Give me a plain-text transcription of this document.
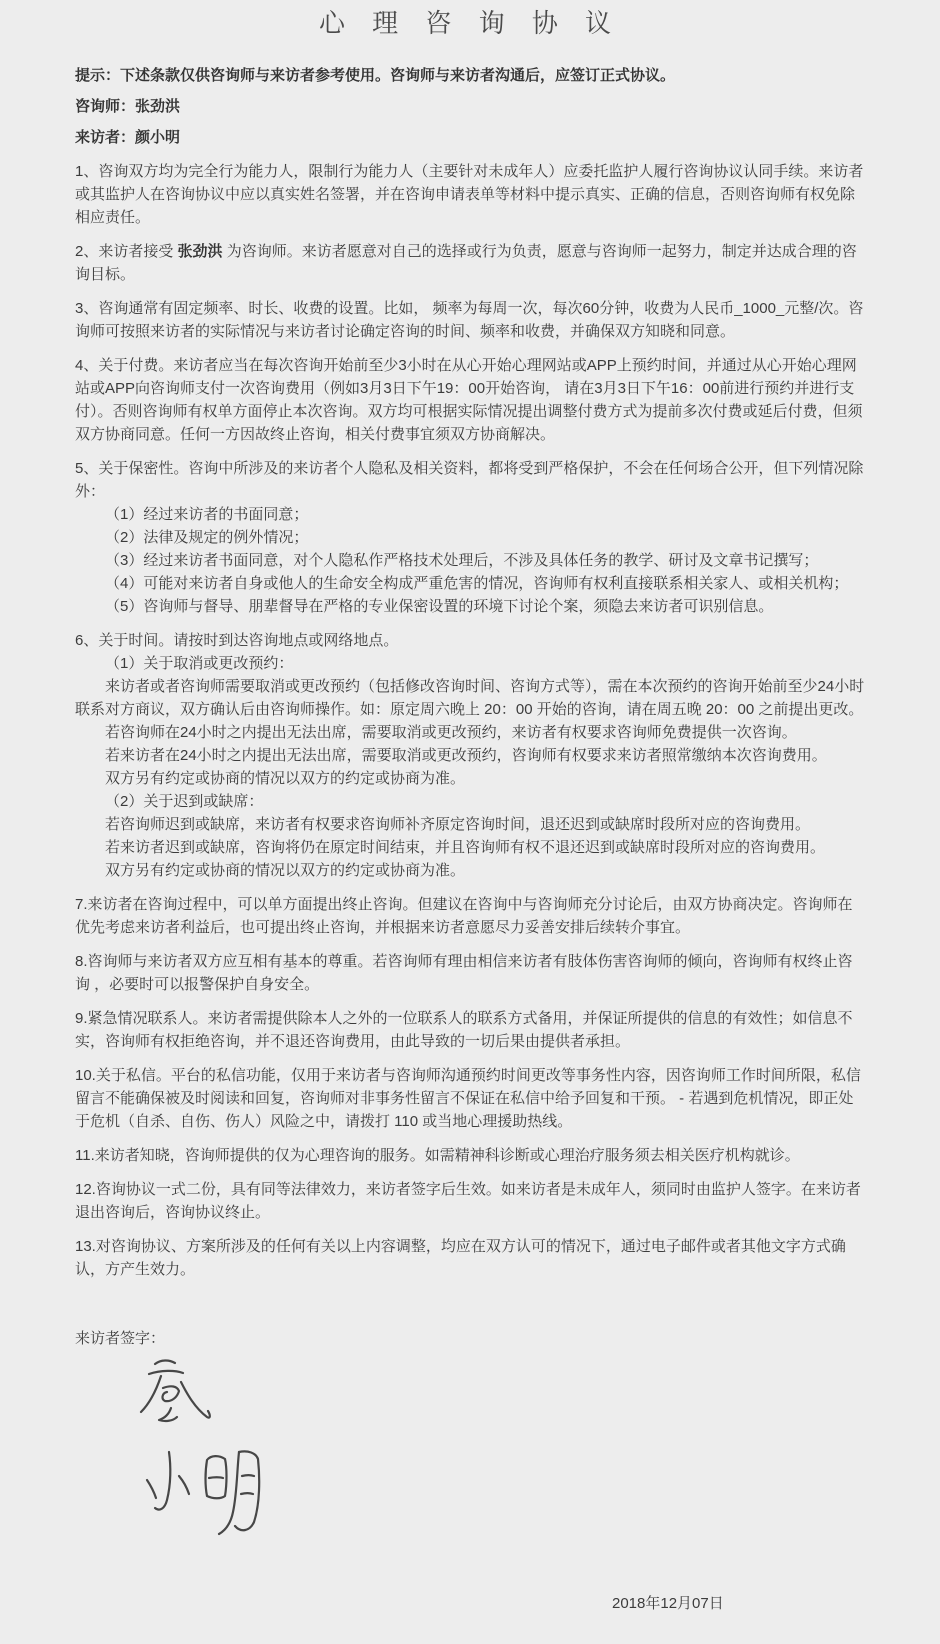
心 理 咨 询 协 议

提示：下述条款仅供咨询师与来访者参考使用。咨询师与来访者沟通后，应签订正式协议。

咨询师：张劲洪

来访者：颜小明

1、咨询双方均为完全行为能力人，限制行为能力人（主要针对未成年人）应委托监护人履行咨询协议认同手续。来访者或其监护人在咨询协议中应以真实姓名签署，并在咨询申请表单等材料中提示真实、正确的信息，否则咨询师有权免除相应责任。

2、来访者接受 张劲洪 为咨询师。来访者愿意对自己的选择或行为负责，愿意与咨询师一起努力，制定并达成合理的咨询目标。

3、咨询通常有固定频率、时长、收费的设置。比如， 频率为每周一次，每次60分钟，收费为人民币_1000_元整/次。咨询师可按照来访者的实际情况与来访者讨论确定咨询的时间、频率和收费，并确保双方知晓和同意。

4、关于付费。来访者应当在每次咨询开始前至少3小时在从心开始心理网站或APP上预约时间，并通过从心开始心理网站或APP向咨询师支付一次咨询费用（例如3月3日下午19：00开始咨询， 请在3月3日下午16：00前进行预约并进行支付）。否则咨询师有权单方面停止本次咨询。双方均可根据实际情况提出调整付费方式为提前多次付费或延后付费，但须双方协商同意。任何一方因故终止咨询，相关付费事宜须双方协商解决。

5、关于保密性。咨询中所涉及的来访者个人隐私及相关资料，都将受到严格保护，不会在任何场合公开，但下列情况除外：
（1）经过来访者的书面同意；
（2）法律及规定的例外情况；
（3）经过来访者书面同意，对个人隐私作严格技术处理后，不涉及具体任务的教学、研讨及文章书记撰写；
（4）可能对来访者自身或他人的生命安全构成严重危害的情况，咨询师有权利直接联系相关家人、或相关机构；
（5）咨询师与督导、朋辈督导在严格的专业保密设置的环境下讨论个案，须隐去来访者可识别信息。
6、关于时间。请按时到达咨询地点或网络地点。
（1）关于取消或更改预约：
来访者或者咨询师需要取消或更改预约（包括修改咨询时间、咨询方式等），需在本次预约的咨询开始前至少24小时联系对方商议，双方确认后由咨询师操作。如：原定周六晚上 20：00 开始的咨询，请在周五晚 20：00 之前提出更改。
若咨询师在24小时之内提出无法出席，需要取消或更改预约，来访者有权要求咨询师免费提供一次咨询。
若来访者在24小时之内提出无法出席，需要取消或更改预约，咨询师有权要求来访者照常缴纳本次咨询费用。
双方另有约定或协商的情况以双方的约定或协商为准。
（2）关于迟到或缺席：
若咨询师迟到或缺席，来访者有权要求咨询师补齐原定咨询时间，退还迟到或缺席时段所对应的咨询费用。
若来访者迟到或缺席，咨询将仍在原定时间结束，并且咨询师有权不退还迟到或缺席时段所对应的咨询费用。
双方另有约定或协商的情况以双方的约定或协商为准。

7.来访者在咨询过程中，可以单方面提出终止咨询。但建议在咨询中与咨询师充分讨论后，由双方协商决定。咨询师在优先考虑来访者利益后，也可提出终止咨询，并根据来访者意愿尽力妥善安排后续转介事宜。

8.咨询师与来访者双方应互相有基本的尊重。若咨询师有理由相信来访者有肢体伤害咨询师的倾向，咨询师有权终止咨询 ，必要时可以报警保护自身安全。

9.紧急情况联系人。来访者需提供除本人之外的一位联系人的联系方式备用，并保证所提供的信息的有效性；如信息不实，咨询师有权拒绝咨询，并不退还咨询费用，由此导致的一切后果由提供者承担。

10.关于私信。平台的私信功能，仅用于来访者与咨询师沟通预约时间更改等事务性内容，因咨询师工作时间所限，私信留言不能确保被及时阅读和回复，咨询师对非事务性留言不保证在私信中给予回复和干预。 - 若遇到危机情况，即正处于危机（自杀、自伤、伤人）风险之中，请拨打 110 或当地心理援助热线。

11.来访者知晓，咨询师提供的仅为心理咨询的服务。如需精神科诊断或心理治疗服务须去相关医疗机构就诊。

12.咨询协议一式二份，具有同等法律效力，来访者签字后生效。如来访者是未成年人，须同时由监护人签字。在来访者退出咨询后，咨询协议终止。

13.对咨询协议、方案所涉及的任何有关以上内容调整，均应在双方认可的情况下，通过电子邮件或者其他文字方式确认，方产生效力。

来访者签字：

2018年12月07日
